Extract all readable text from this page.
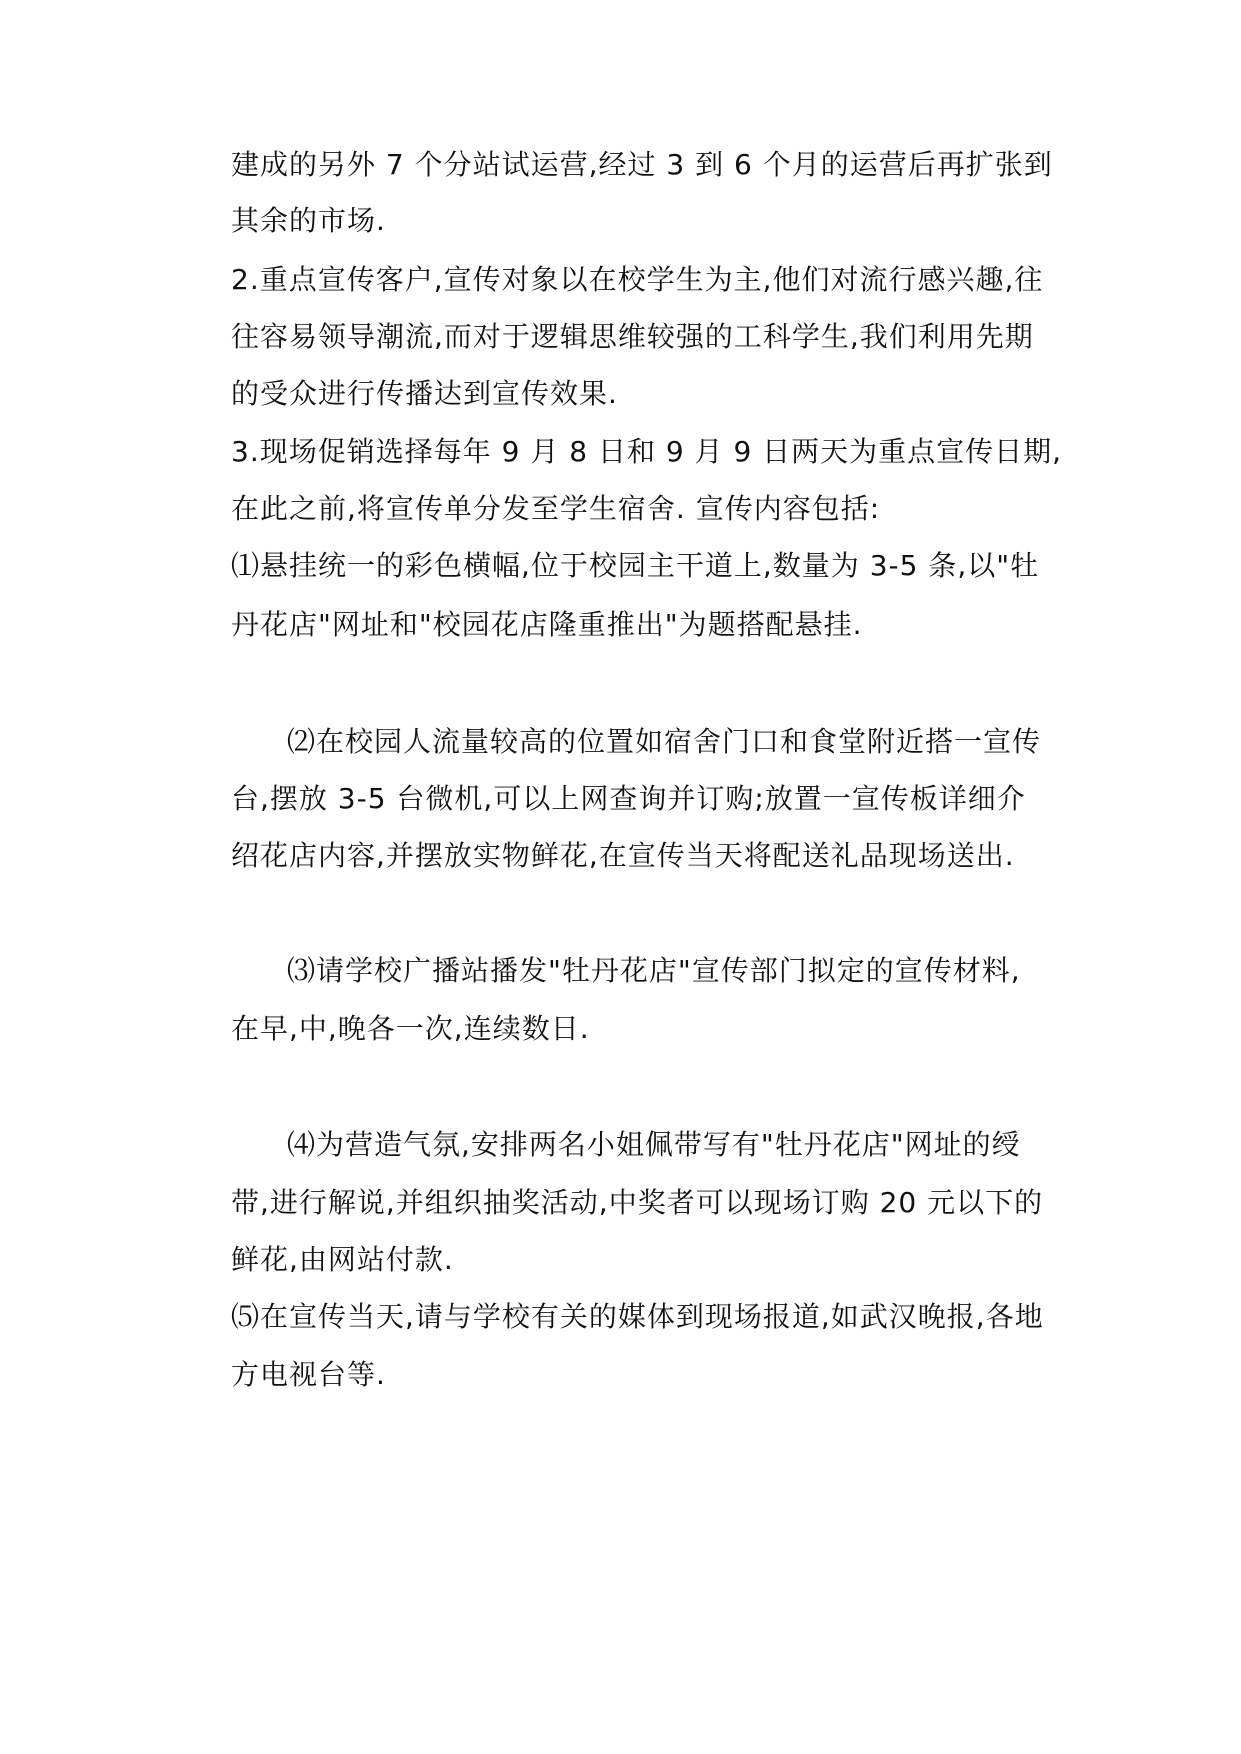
建成的另外 7 个分站试运营,经过 3 到 6 个月的运营后再扩张到
其余的市场.
2.重点宣传客户,宣传对象以在校学生为主,他们对流行感兴趣,往
往容易领导潮流,而对于逻辑思维较强的工科学生,我们利用先期
的受众进行传播达到宣传效果.
3.现场促销选择每年 9 月 8 日和 9 月 9 日两天为重点宣传日期,
在此之前,将宣传单分发至学生宿舍. 宣传内容包括:
⑴悬挂统一的彩色横幅,位于校园主干道上,数量为 3-5 条,以"牡
丹花店"网址和"校园花店隆重推出"为题搭配悬挂.
⑵在校园人流量较高的位置如宿舍门口和食堂附近搭一宣传
台,摆放 3-5 台微机,可以上网查询并订购;放置一宣传板详细介
绍花店内容,并摆放实物鲜花,在宣传当天将配送礼品现场送出.
⑶请学校广播站播发"牡丹花店"宣传部门拟定的宣传材料,
在早,中,晚各一次,连续数日.
⑷为营造气氛,安排两名小姐佩带写有"牡丹花店"网址的绶
带,进行解说,并组织抽奖活动,中奖者可以现场订购 20 元以下的
鲜花,由网站付款.
⑸在宣传当天,请与学校有关的媒体到现场报道,如武汉晚报,各地
方电视台等.
